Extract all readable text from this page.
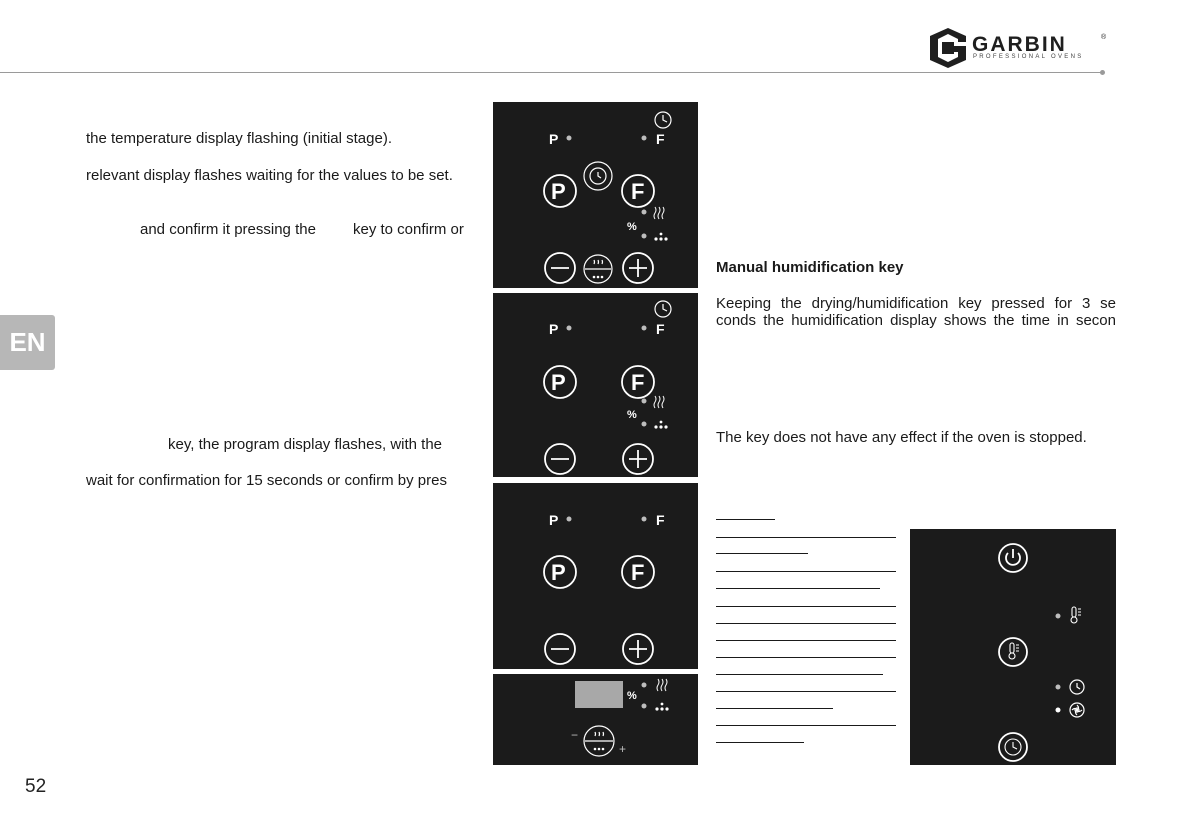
GARBIN	®
PROFESSIONAL OVENS
EN
52
the temperature display flashing (initial stage).
relevant display flashes waiting for the values to be set.
and confirm it pressing the key to confirm or
key, the program display flashes, with the
wait for confirmation for 15 seconds or confirm by pres
Manual humidification key
Keeping the drying/humidification key pressed for 3 se
conds the humidification display shows the time in secon
The key does not have any effect if the oven is stopped.
P	F
P	F
%
P	F
P	F
%
P	F
P	F
%
−
+
